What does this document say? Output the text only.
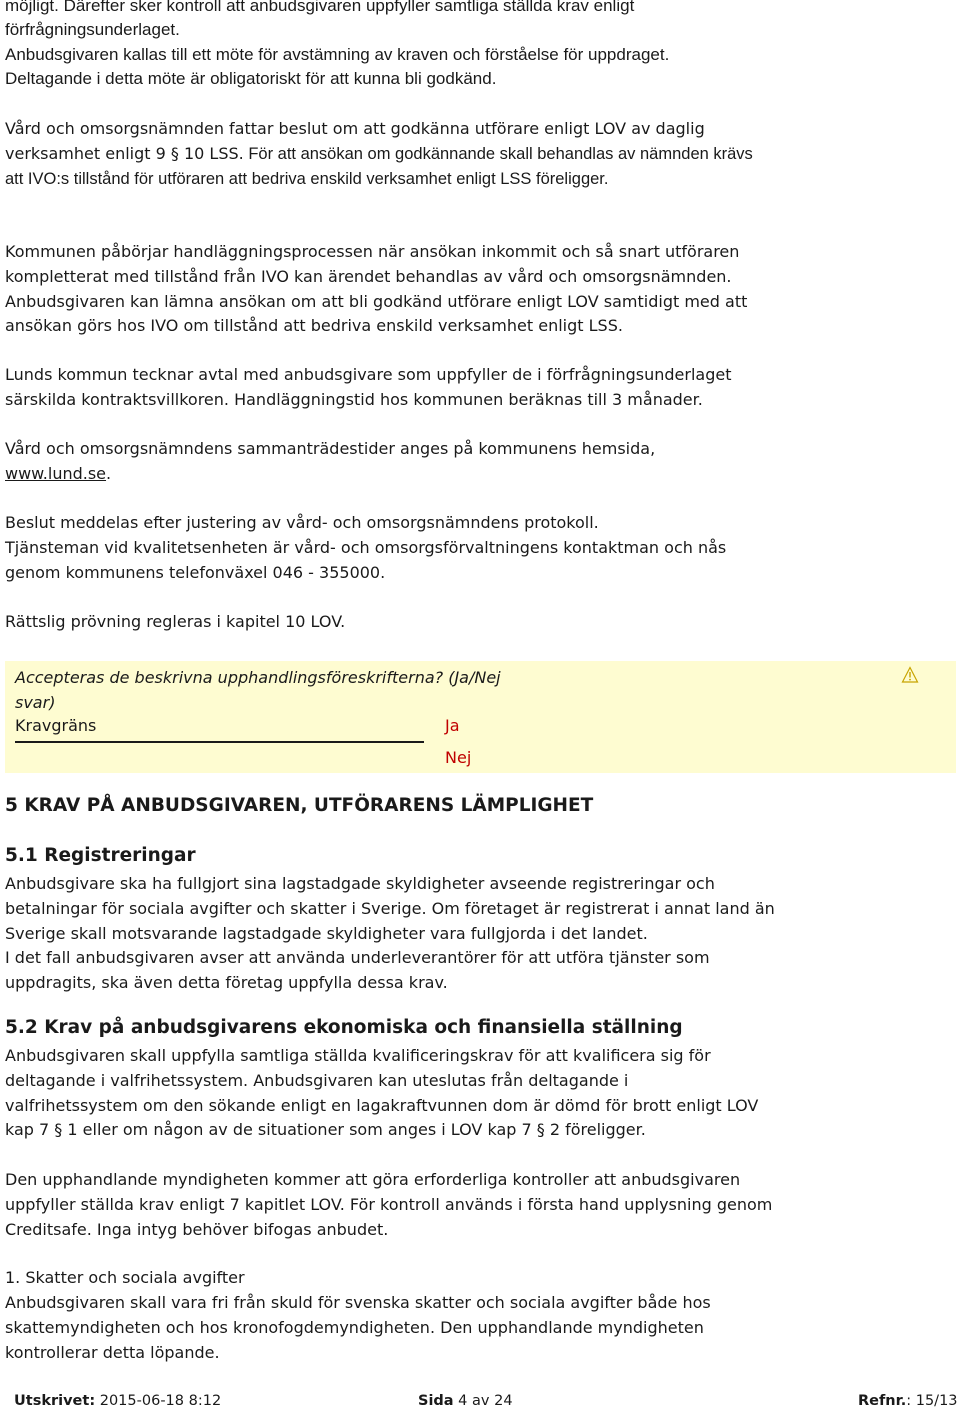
möjligt. Därefter sker kontroll att anbudsgivaren uppfyller samtliga ställda krav enligt

förfrågningsunderlaget.

Anbudsgivaren kallas till ett möte för avstämning av kraven och förståelse för uppdraget.

Deltagande i detta möte är obligatoriskt för att kunna bli godkänd.

Vård och omsorgsnämnden fattar beslut om att godkänna utförare enligt LOV av daglig verksamhet enligt 9 § 10 LSS. För att ansökan om godkännande skall behandlas av nämnden krävs att IVO:s tillstånd för utföraren att bedriva enskild verksamhet enligt LSS föreligger.

Kommunen påbörjar handläggningsprocessen när ansökan inkommit och så snart utföraren kompletterat med tillstånd från IVO kan ärendet behandlas av vård och omsorgsnämnden. Anbudsgivaren kan lämna ansökan om att bli godkänd utförare enligt LOV samtidigt med att ansökan görs hos IVO om tillstånd att bedriva enskild verksamhet enligt LSS.

Lunds kommun tecknar avtal med anbudsgivare som uppfyller de i förfrågningsunderlaget särskilda kontraktsvillkoren. Handläggningstid hos kommunen beräknas till 3 månader.

Vård och omsorgsnämndens sammanträdestider anges på kommunens hemsida,
www.lund.se.

Beslut meddelas efter justering av vård- och omsorgsnämndens protokoll.
Tjänsteman vid kvalitetsenheten är vård- och omsorgsförvaltningens kontaktman och nås genom kommunens telefonväxel 046 - 355000.

Rättslig prövning regleras i kapitel 10 LOV.

Accepteras de beskrivna upphandlingsföreskrifterna? (Ja/Nej svar)
Kravgräns	Ja
Nej
5 KRAV PÅ ANBUDSGIVAREN, UTFÖRARENS LÄMPLIGHET
5.1 Registreringar

Anbudsgivare ska ha fullgjort sina lagstadgade skyldigheter avseende registreringar och betalningar för sociala avgifter och skatter i Sverige. Om företaget är registrerat i annat land än Sverige skall motsvarande lagstadgade skyldigheter vara fullgjorda i det landet.

I det fall anbudsgivaren avser att använda underleverantörer för att utföra tjänster som uppdragits, ska även detta företag uppfylla dessa krav.

5.2 Krav på anbudsgivarens ekonomiska och finansiella ställning

Anbudsgivaren skall uppfylla samtliga ställda kvalificeringskrav för att kvalificera sig för deltagande i valfrihetssystem. Anbudsgivaren kan uteslutas från deltagande i valfrihetssystem om den sökande enligt en lagakraftvunnen dom är dömd för brott enligt LOV kap 7 § 1 eller om någon av de situationer som anges i LOV kap 7 § 2 föreligger.

Den upphandlande myndigheten kommer att göra erforderliga kontroller att anbudsgivaren uppfyller ställda krav enligt 7 kapitlet LOV. För kontroll används i första hand upplysning genom Creditsafe. Inga intyg behöver bifogas anbudet.

1. Skatter och sociala avgifter

Anbudsgivaren skall vara fri från skuld för svenska skatter och sociala avgifter både hos skattemyndigheten och hos kronofogdemyndigheten. Den upphandlande myndigheten kontrollerar detta löpande.

Utskrivet: 2015-06-18 8:12	Sida 4 av 24	Refnr.: 15/13
